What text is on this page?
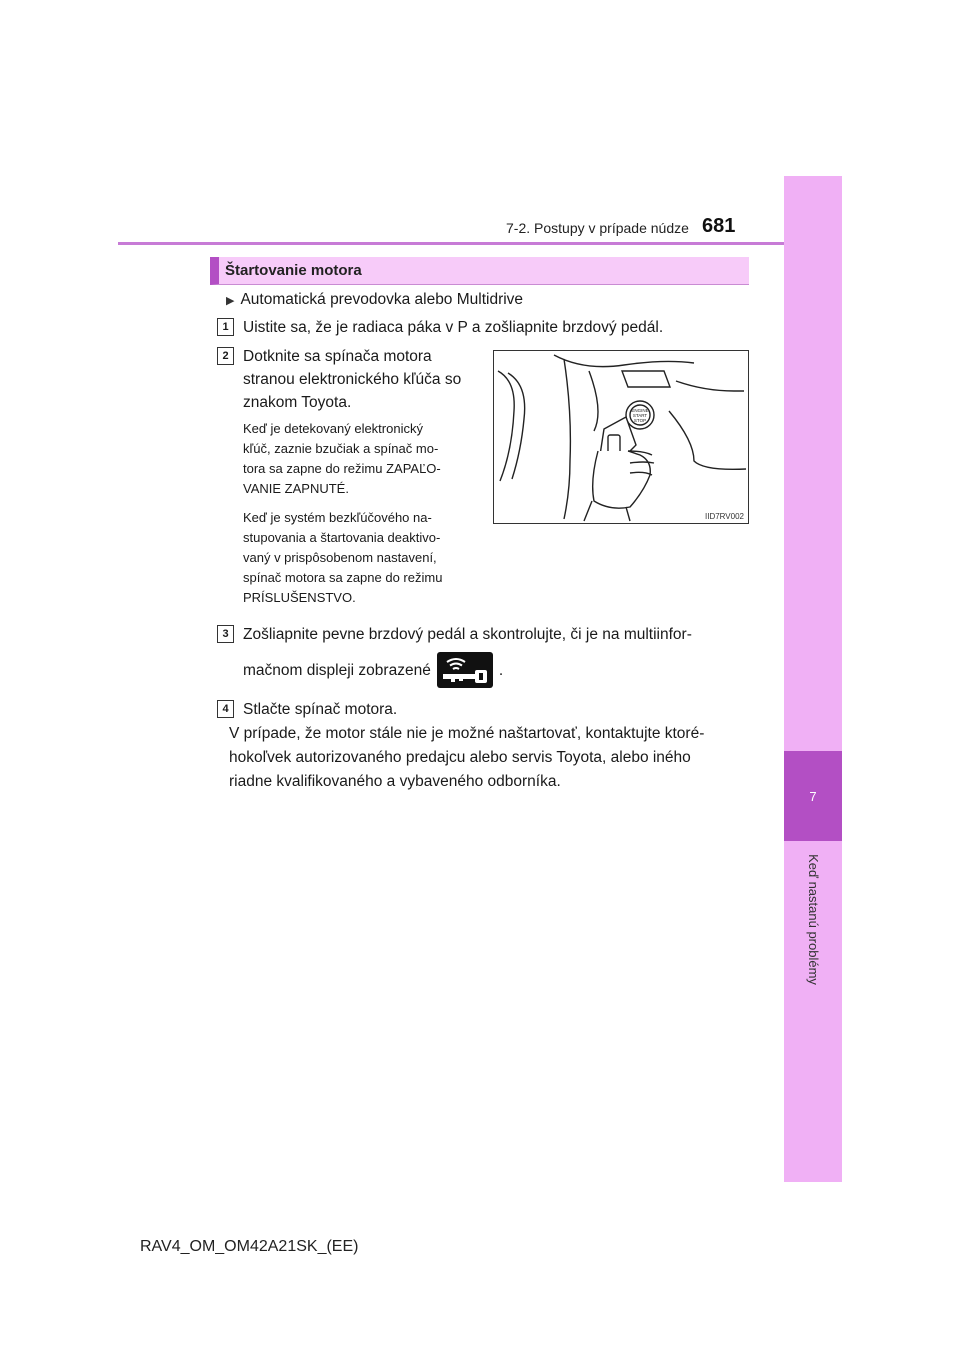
7
Keď nastanú problémy
7-2. Postupy v prípade núdze 681
Štartovanie motora
▶ Automatická prevodovka alebo Multidrive
1 Uistite sa, že je radiaca páka v P a zošliapnite brzdový pedál.
2 Dotknite sa spínača motora
stranou elektronického kľúča so
znakom Toyota.
Keď je detekovaný elektronický
kľúč, zaznie bzučiak a spínač mo-
tora sa zapne do režimu ZAPAĽO-
VANIE ZAPNUTÉ.
Keď je systém bezkľúčového na-
stupovania a štartovania deaktivo-
vaný v prispôsobenom nastavení,
spínač motora sa zapne do režimu
PRÍSLUŠENSTVO.
ENGINE
START
STOP
IID7RV002
3 Zošliapnite pevne brzdový pedál a skontrolujte, či je na multiinfor-
mačnom displeji zobrazené	.
4 Stlačte spínač motora.
V prípade, že motor stále nie je možné naštartovať, kontaktujte ktoré-
hokoľvek autorizovaného predajcu alebo servis Toyota, alebo iného
riadne kvalifikovaného a vybaveného odborníka.
RAV4_OM_OM42A21SK_(EE)
